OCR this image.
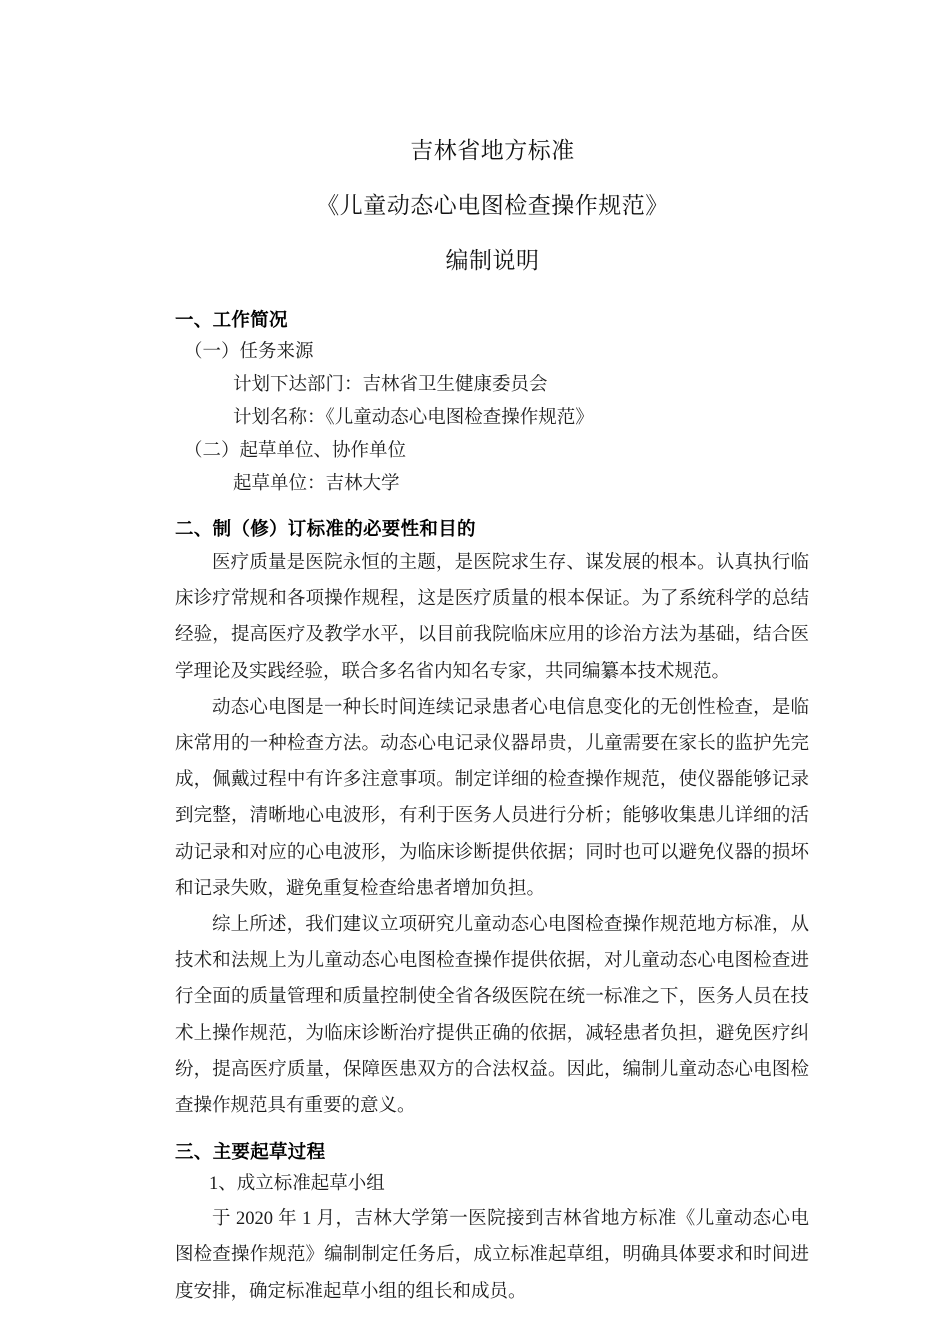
吉林省地方标准
《儿童动态心电图检查操作规范》
编制说明
一、工作简况
（一）任务来源
计划下达部门：吉林省卫生健康委员会
计划名称：《儿童动态心电图检查操作规范》
（二）起草单位、协作单位
起草单位：吉林大学
二、制（修）订标准的必要性和目的

医疗质量是医院永恒的主题，是医院求生存、谋发展的根本。认真执行临床诊疗常规和各项操作规程，这是医疗质量的根本保证。为了系统科学的总结经验，提高医疗及教学水平，以目前我院临床应用的诊治方法为基础，结合医学理论及实践经验，联合多名省内知名专家，共同编纂本技术规范。

动态心电图是一种长时间连续记录患者心电信息变化的无创性检查，是临床常用的一种检查方法。动态心电记录仪器昂贵，儿童需要在家长的监护先完成，佩戴过程中有许多注意事项。制定详细的检查操作规范，使仪器能够记录到完整，清晰地心电波形，有利于医务人员进行分析；能够收集患儿详细的活动记录和对应的心电波形，为临床诊断提供依据；同时也可以避免仪器的损坏和记录失败，避免重复检查给患者增加负担。

综上所述，我们建议立项研究儿童动态心电图检查操作规范地方标准，从技术和法规上为儿童动态心电图检查操作提供依据，对儿童动态心电图检查进行全面的质量管理和质量控制使全省各级医院在统一标准之下，医务人员在技术上操作规范，为临床诊断治疗提供正确的依据，减轻患者负担，避免医疗纠纷，提高医疗质量，保障医患双方的合法权益。因此，编制儿童动态心电图检查操作规范具有重要的意义。

三、主要起草过程
1、成立标准起草小组

于 2020 年 1 月，吉林大学第一医院接到吉林省地方标准《儿童动态心电图检查操作规范》编制制定任务后，成立标准起草组，明确具体要求和时间进度安排，确定标准起草小组的组长和成员。
